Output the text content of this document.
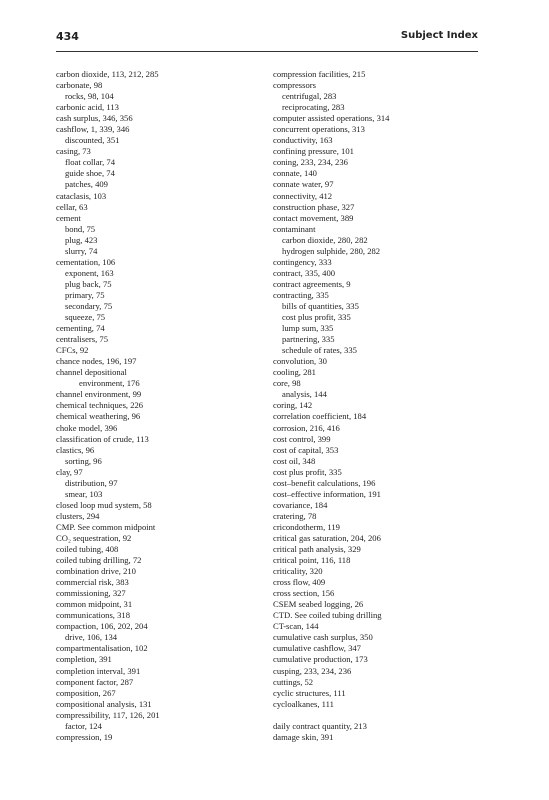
434	Subject Index
carbon dioxide, 113, 212, 285
carbonate, 98
rocks, 98, 104
carbonic acid, 113
cash surplus, 346, 356
cashflow, 1, 339, 346
discounted, 351
casing, 73
float collar, 74
guide shoe, 74
patches, 409
cataclasis, 103
cellar, 63
cement
bond, 75
plug, 423
slurry, 74
cementation, 106
exponent, 163
plug back, 75
primary, 75
secondary, 75
squeeze, 75
cementing, 74
centralisers, 75
CFCs, 92
chance nodes, 196, 197
channel depositional
environment, 176
channel environment, 99
chemical techniques, 226
chemical weathering, 96
choke model, 396
classification of crude, 113
clastics, 96
sorting, 96
clay, 97
distribution, 97
smear, 103
closed loop mud system, 58
clusters, 294
CMP. See common midpoint
CO₂ sequestration, 92
coiled tubing, 408
coiled tubing drilling, 72
combination drive, 210
commercial risk, 383
commissioning, 327
common midpoint, 31
communications, 318
compaction, 106, 202, 204
drive, 106, 134
compartmentalisation, 102
completion, 391
completion interval, 391
component factor, 287
composition, 267
compositional analysis, 131
compressibility, 117, 126, 201
factor, 124
compression, 19
compression facilities, 215
compressors
centrifugal, 283
reciprocating, 283
computer assisted operations, 314
concurrent operations, 313
conductivity, 163
confining pressure, 101
coning, 233, 234, 236
connate, 140
connate water, 97
connectivity, 412
construction phase, 327
contact movement, 389
contaminant
carbon dioxide, 280, 282
hydrogen sulphide, 280, 282
contingency, 333
contract, 335, 400
contract agreements, 9
contracting, 335
bills of quantities, 335
cost plus profit, 335
lump sum, 335
partnering, 335
schedule of rates, 335
convolution, 30
cooling, 281
core, 98
analysis, 144
coring, 142
correlation coefficient, 184
corrosion, 216, 416
cost control, 399
cost of capital, 353
cost oil, 348
cost plus profit, 335
cost–benefit calculations, 196
cost–effective information, 191
covariance, 184
cratering, 78
cricondotherm, 119
critical gas saturation, 204, 206
critical path analysis, 329
critical point, 116, 118
criticality, 320
cross flow, 409
cross section, 156
CSEM seabed logging, 26
CTD. See coiled tubing drilling
CT-scan, 144
cumulative cash surplus, 350
cumulative cashflow, 347
cumulative production, 173
cusping, 233, 234, 236
cuttings, 52
cyclic structures, 111
cycloalkanes, 111
daily contract quantity, 213
damage skin, 391
